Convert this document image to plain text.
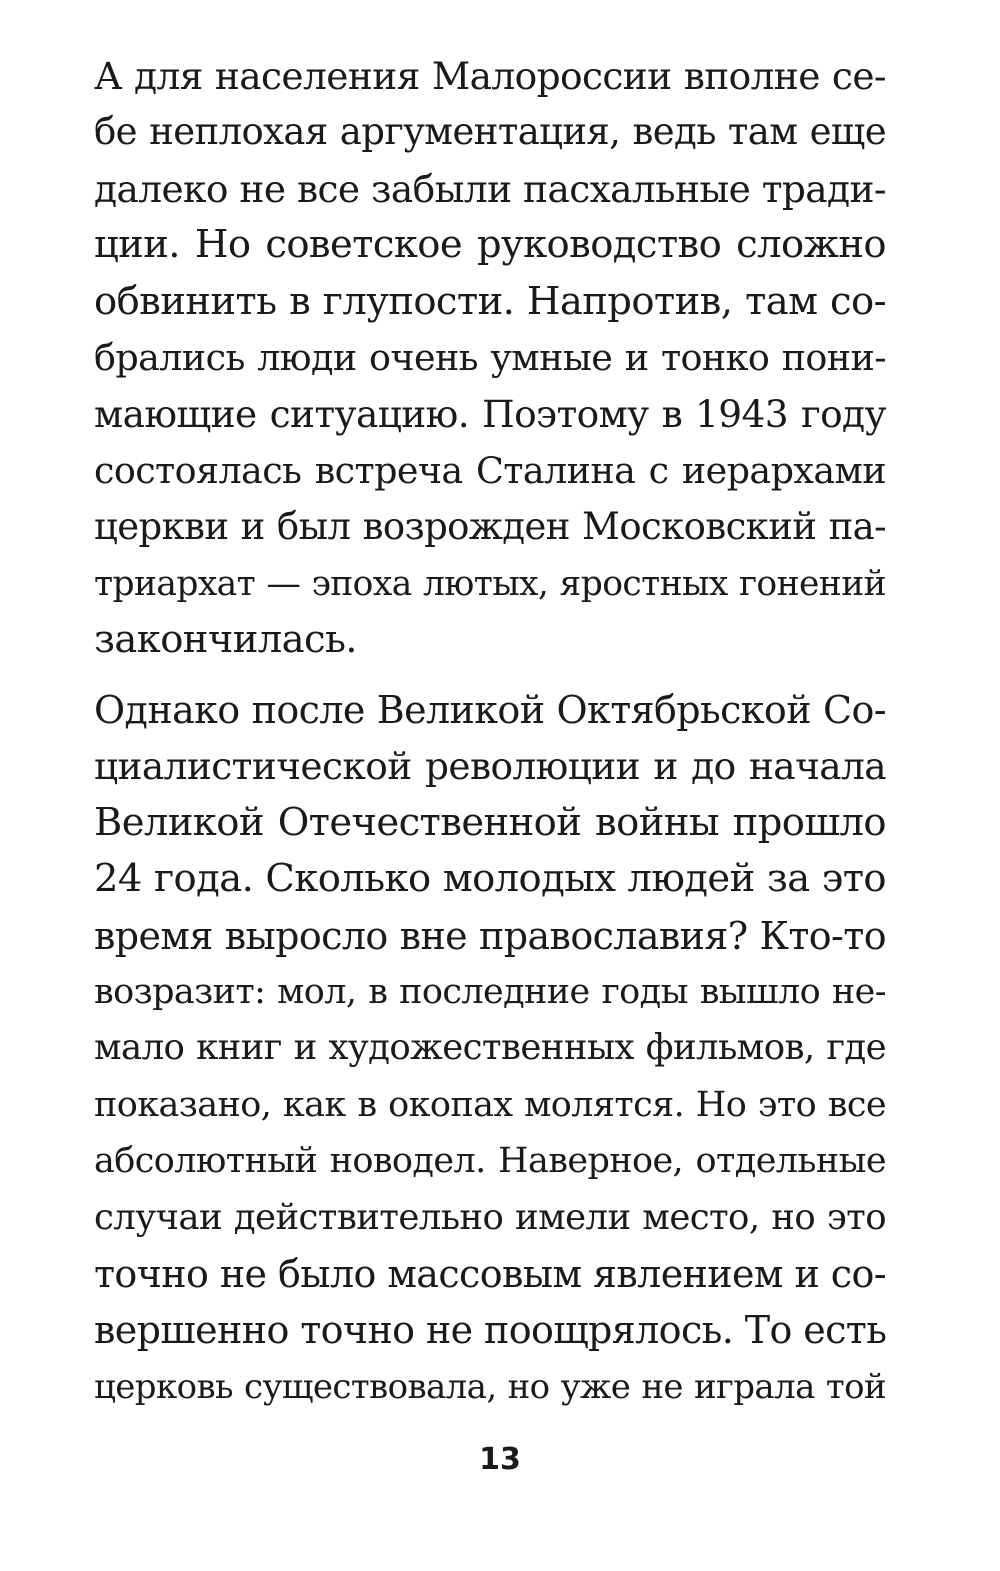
А для населения Малороссии вполне се-
бе неплохая аргументация, ведь там еще
далеко не все забыли пасхальные тради-
ции. Но советское руководство сложно
обвинить в глупости. Напротив, там со-
брались люди очень умные и тонко пони-
мающие ситуацию. Поэтому в 1943 году
состоялась встреча Сталина с иерархами
церкви и был возрожден Московский па-
триархат — эпоха лютых, яростных гонений
закончилась.
Однако после Великой Октябрьской Со-
циалистической революции и до начала
Великой Отечественной войны прошло
24 года. Сколько молодых людей за это
время выросло вне православия? Кто-то
возразит: мол, в последние годы вышло не-
мало книг и художественных фильмов, где
показано, как в окопах молятся. Но это все
абсолютный новодел. Наверное, отдельные
случаи действительно имели место, но это
точно не было массовым явлением и со-
вершенно точно не поощрялось. То есть
церковь существовала, но уже не играла той
13
